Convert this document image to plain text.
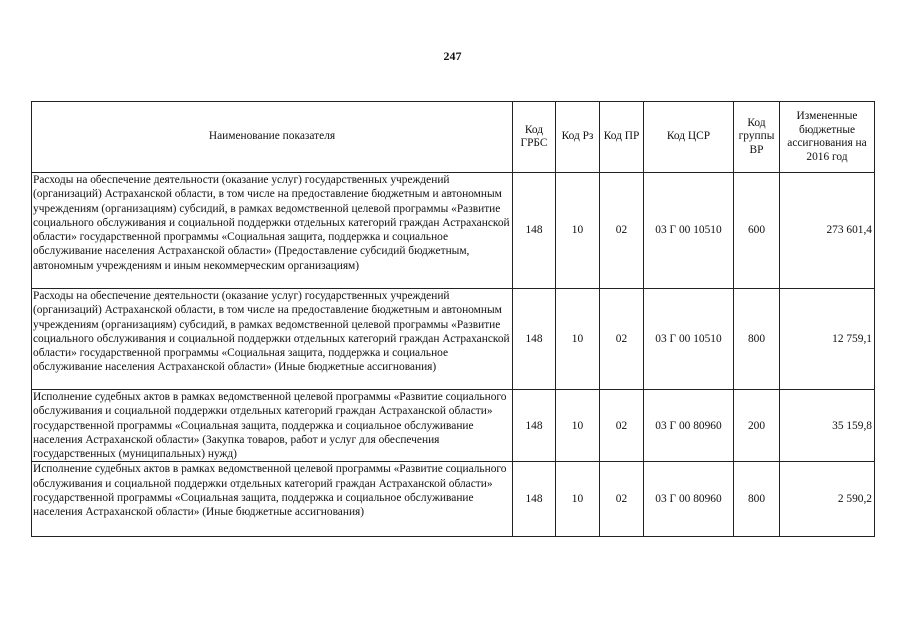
247
Наименование показателя	Код ГРБС	Код Рз	Код ПР	Код ЦСР	Код группы ВР	Измененные бюджетные ассигнования на 2016 год
Расходы на обеспечение деятельности (оказание услуг) государственных учреждений (организаций) Астраханской области, в том числе на предоставление бюджетным и автономным учреждениям (организациям) субсидий, в рамках ведомственной целевой программы «Развитие социального обслуживания и социальной поддержки отдельных категорий граждан Астраханской области» государственной программы «Социальная защита, поддержка и социальное обслуживание населения Астраханской области» (Предоставление субсидий бюджетным, автономным учреждениям и иным некоммерческим организациям)	148	10	02	03 Г 00 10510	600	273 601,4
Расходы на обеспечение деятельности (оказание услуг) государственных учреждений (организаций) Астраханской области, в том числе на предоставление бюджетным и автономным учреждениям (организациям) субсидий, в рамках ведомственной целевой программы «Развитие социального обслуживания и социальной поддержки отдельных категорий граждан Астраханской области» государственной программы «Социальная защита, поддержка и социальное обслуживание населения Астраханской области» (Иные бюджетные ассигнования)	148	10	02	03 Г 00 10510	800	12 759,1
Исполнение судебных актов в рамках ведомственной целевой программы «Развитие социального обслуживания и социальной поддержки отдельных категорий граждан Астраханской области» государственной программы «Социальная защита, поддержка и социальное обслуживание населения Астраханской области» (Закупка товаров, работ и услуг для обеспечения государственных (муниципальных) нужд)	148	10	02	03 Г 00 80960	200	35 159,8
Исполнение судебных актов в рамках ведомственной целевой программы «Развитие социального обслуживания и социальной поддержки отдельных категорий граждан Астраханской области» государственной программы «Социальная защита, поддержка и социальное обслуживание населения Астраханской области» (Иные бюджетные ассигнования)	148	10	02	03 Г 00 80960	800	2 590,2
